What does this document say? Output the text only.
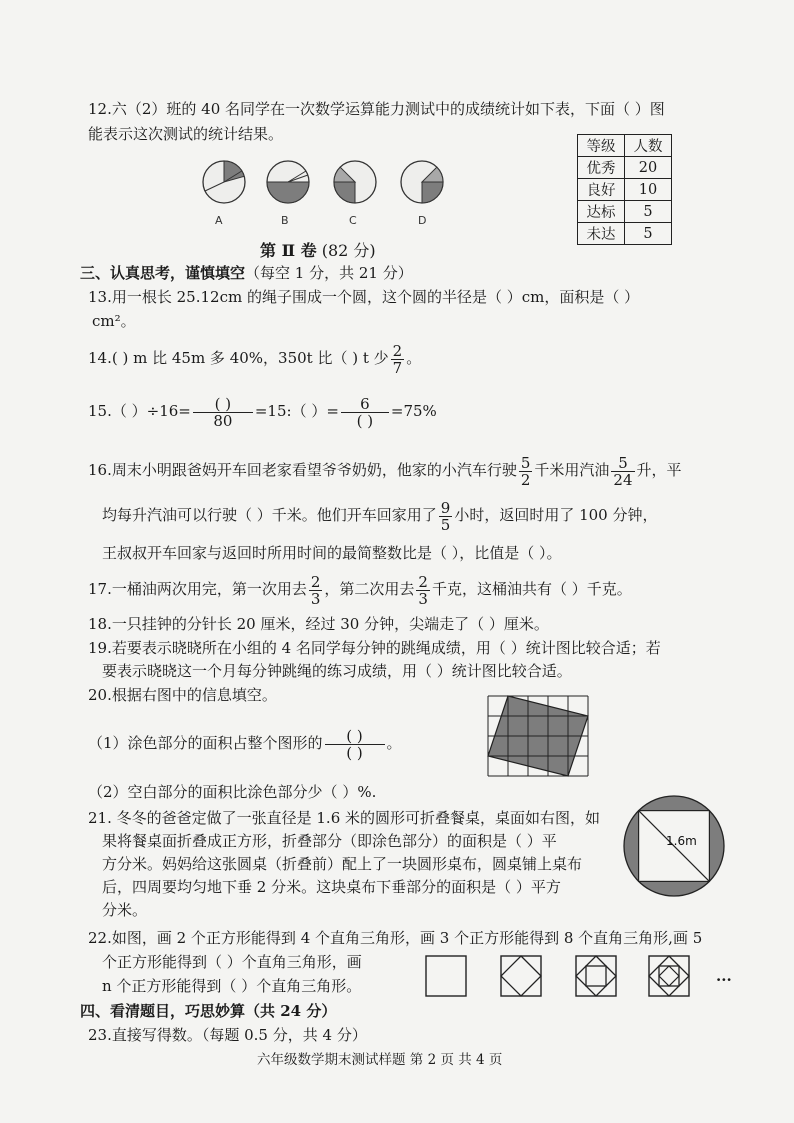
12.六（2）班的 40 名同学在一次数学运算能力测试中的成绩统计如下表，下面（ ）图
能表示这次测试的统计结果。
A	B	C	D
等级	人数
优秀	20
良好	10
达标	5
未达	5
第 Ⅱ 卷 (82 分)
三、认真思考，谨慎填空（每空 1 分，共 21 分）
13.用一根长 25.12cm 的绳子围成一个圆，这个圆的半径是（ ）cm，面积是（ ）
cm²。
14.( ) m 比 45m 多 40%，350t 比（ ) t 少 $\frac{2}{7}$ 。
15.（ ）$\div 16= \frac{( )}{80}$ =15:（ ）= $\frac{6}{( )} =75\%$
16.周末小明跟爸妈开车回老家看望爷爷奶奶，他家的小汽车行驶 $\frac{5}{2}$ 千米用汽油 $\frac{5}{24}$ 升，平
均每升汽油可以行驶（ ）千米。他们开车回家用了 $\frac{9}{5}$ 小时，返回时用了 100 分钟，
王叔叔开车回家与返回时所用时间的最简整数比是（ ），比值是（ ）。
17.一桶油两次用完，第一次用去 $\frac{2}{3}$ ，第二次用去 $\frac{2}{3}$ 千克，这桶油共有（ ）千克。
18.一只挂钟的分针长 20 厘米，经过 30 分钟，尖端走了（ ）厘米。
19.若要表示晓晓所在小组的 4 名同学每分钟的跳绳成绩，用（ ）统计图比较合适；若
要表示晓晓这一个月每分钟跳绳的练习成绩，用（ ）统计图比较合适。
20.根据右图中的信息填空。
（1）涂色部分的面积占整个图形的 $\frac{( )}{( )}$ 。
（2）空白部分的面积比涂色部分少（ ）%.
21. 冬冬的爸爸定做了一张直径是 1.6 米的圆形可折叠餐桌，桌面如右图，如
果将餐桌面折叠成正方形，折叠部分（即涂色部分）的面积是（ ）平
方分米。妈妈给这张圆桌（折叠前）配上了一块圆形桌布，圆桌铺上桌布
后，四周要均匀地下垂 2 分米。这块桌布下垂部分的面积是（ ）平方
分米。
1.6m
22.如图，画 2 个正方形能得到 4 个直角三角形，画 3 个正方形能得到 8 个直角三角形,画 5
个正方形能得到（ ）个直角三角形，画
n 个正方形能得到（ ）个直角三角形。	···
四、看清题目，巧思妙算（共 24 分）
23.直接写得数。（每题 0.5 分，共 4 分）
六年级数学期末测试样题 第 2 页 共 4 页
